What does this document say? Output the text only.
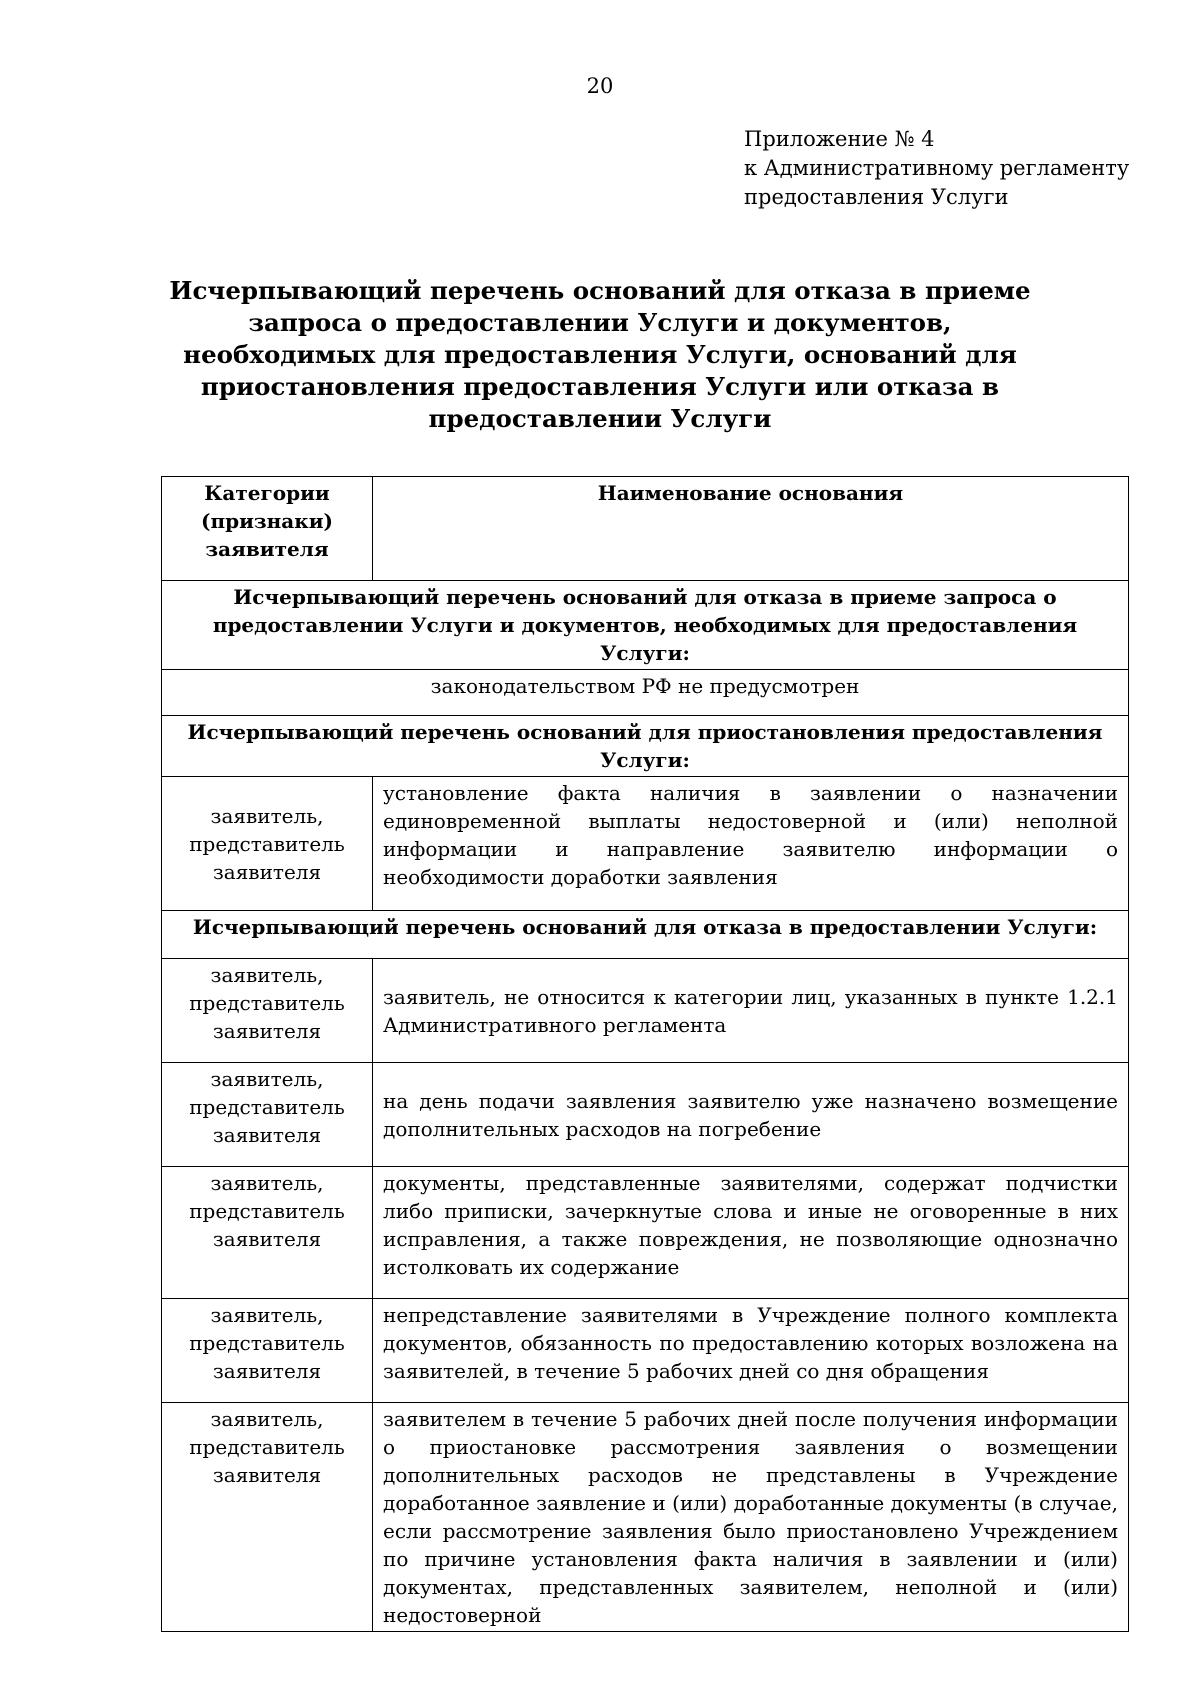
20
Приложение № 4
к Административному регламенту
предоставления Услуги
Исчерпывающий перечень оснований для отказа в приеме запроса о предоставлении Услуги и документов, необходимых для предоставления Услуги, оснований для приостановления предоставления Услуги или отказа в предоставлении Услуги
Категории (признаки) заявителя	Наименование основания
Исчерпывающий перечень оснований для отказа в приеме запроса о предоставлении Услуги и документов, необходимых для предоставления Услуги:	
законодательством РФ не предусмотрен	
Исчерпывающий перечень оснований для приостановления предоставления Услуги:	
заявитель, представитель заявителя	установление факта наличия в заявлении о назначении единовременной выплаты недостоверной и (или) неполной информации и направление заявителю информации о необходимости доработки заявления
Исчерпывающий перечень оснований для отказа в предоставлении Услуги:	
заявитель, представитель заявителя	заявитель, не относится к категории лиц, указанных в пункте 1.2.1 Административного регламента
заявитель, представитель заявителя	на день подачи заявления заявителю уже назначено возмещение дополнительных расходов на погребение
заявитель, представитель заявителя	документы, представленные заявителями, содержат подчистки либо приписки, зачеркнутые слова и иные не оговоренные в них исправления, а также повреждения, не позволяющие однозначно истолковать их содержание
заявитель, представитель заявителя	непредставление заявителями в Учреждение полного комплекта документов, обязанность по предоставлению которых возложена на заявителей, в течение 5 рабочих дней со дня обращения
заявитель, представитель заявителя	заявителем в течение 5 рабочих дней после получения информации о приостановке рассмотрения заявления о возмещении дополнительных расходов не представлены в Учреждение доработанное заявление и (или) доработанные документы (в случае, если рассмотрение заявления было приостановлено Учреждением по причине установления факта наличия в заявлении и (или) документах, представленных заявителем, неполной и (или) недостоверной
